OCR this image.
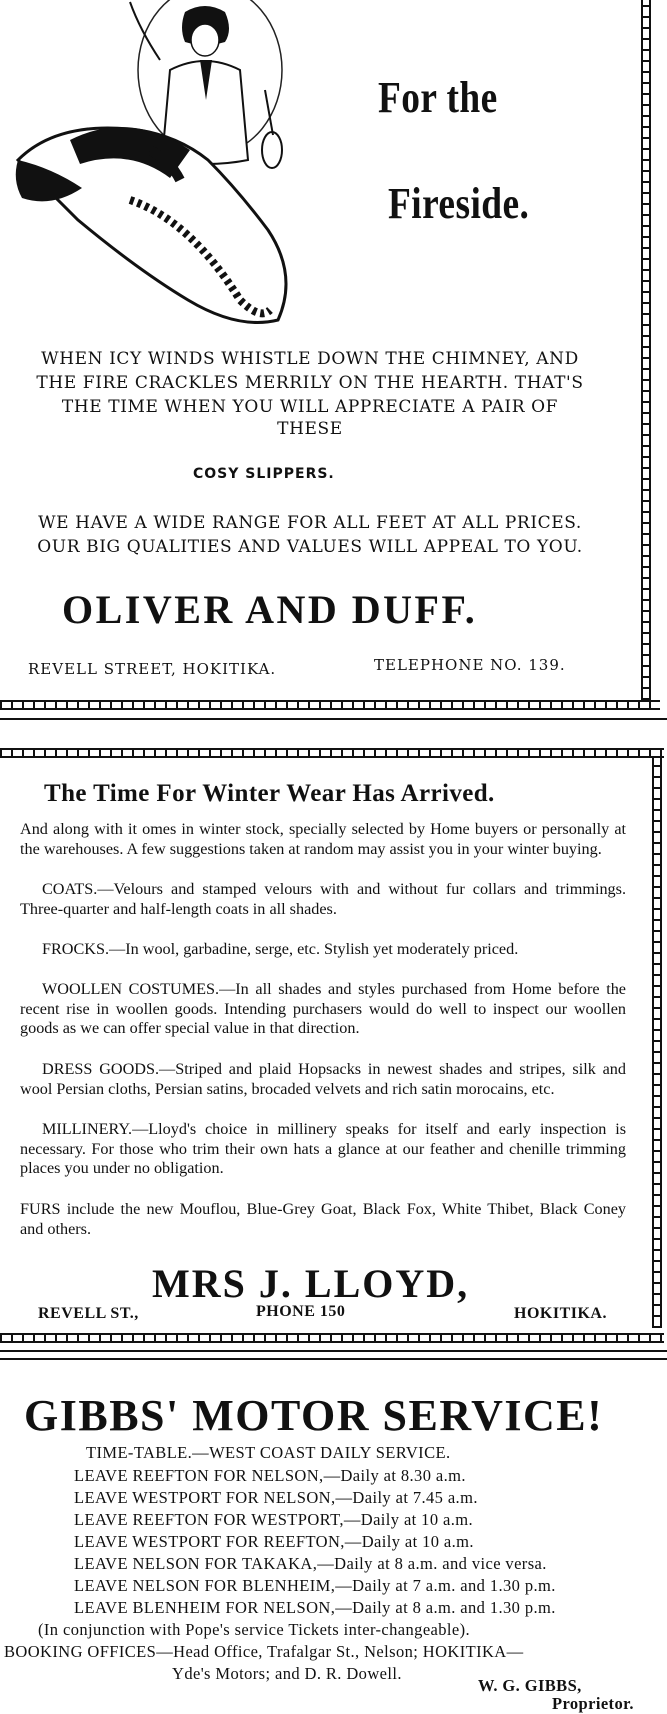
For the
Fireside.
WHEN ICY WINDS WHISTLE DOWN THE CHIMNEY, AND
THE FIRE CRACKLES MERRILY ON THE HEARTH. THAT'S
THE TIME WHEN YOU WILL APPRECIATE A PAIR OF
THESE
COSY SLIPPERS.
WE HAVE A WIDE RANGE FOR ALL FEET AT ALL PRICES.
OUR BIG QUALITIES AND VALUES WILL APPEAL TO YOU.
OLIVER AND DUFF.
REVELL STREET, HOKITIKA.	TELEPHONE NO. 139.
The Time For Winter Wear Has Arrived.
And along with it omes in winter stock, specially selected by Home buyers or personally at the warehouses. A few suggestions taken at random may assist you in your winter buying.
COATS.—Velours and stamped velours with and without fur collars and trimmings. Three-quarter and half-length coats in all shades.
FROCKS.—In wool, garbadine, serge, etc. Stylish yet moderately priced.
WOOLLEN COSTUMES.—In all shades and styles purchased from Home before the recent rise in woollen goods. Intending purchasers would do well to inspect our woollen goods as we can offer special value in that direction.
DRESS GOODS.—Striped and plaid Hopsacks in newest shades and stripes, silk and wool Persian cloths, Persian satins, brocaded velvets and rich satin morocains, etc.
MILLINERY.—Lloyd's choice in millinery speaks for itself and early inspection is necessary. For those who trim their own hats a glance at our feather and chenille trimming places you under no obligation.
FURS include the new Mouflou, Blue-Grey Goat, Black Fox, White Thibet, Black Coney and others.
MRS J. LLOYD,
REVELL ST.,	PHONE 150	HOKITIKA.
GIBBS' MOTOR SERVICE!
TIME-TABLE.—WEST COAST DAILY SERVICE.
LEAVE REEFTON FOR NELSON,—Daily at 8.30 a.m.
LEAVE WESTPORT FOR NELSON,—Daily at 7.45 a.m.
LEAVE REEFTON FOR WESTPORT,—Daily at 10 a.m.
LEAVE WESTPORT FOR REEFTON,—Daily at 10 a.m.
LEAVE NELSON FOR TAKAKA,—Daily at 8 a.m. and vice versa.
LEAVE NELSON FOR BLENHEIM,—Daily at 7 a.m. and 1.30 p.m.
LEAVE BLENHEIM FOR NELSON,—Daily at 8 a.m. and 1.30 p.m.
(In conjunction with Pope's service Tickets inter-changeable).
BOOKING OFFICES—Head Office, Trafalgar St., Nelson; HOKITIKA—
Yde's Motors; and D. R. Dowell.
W. G. GIBBS,
Proprietor.
